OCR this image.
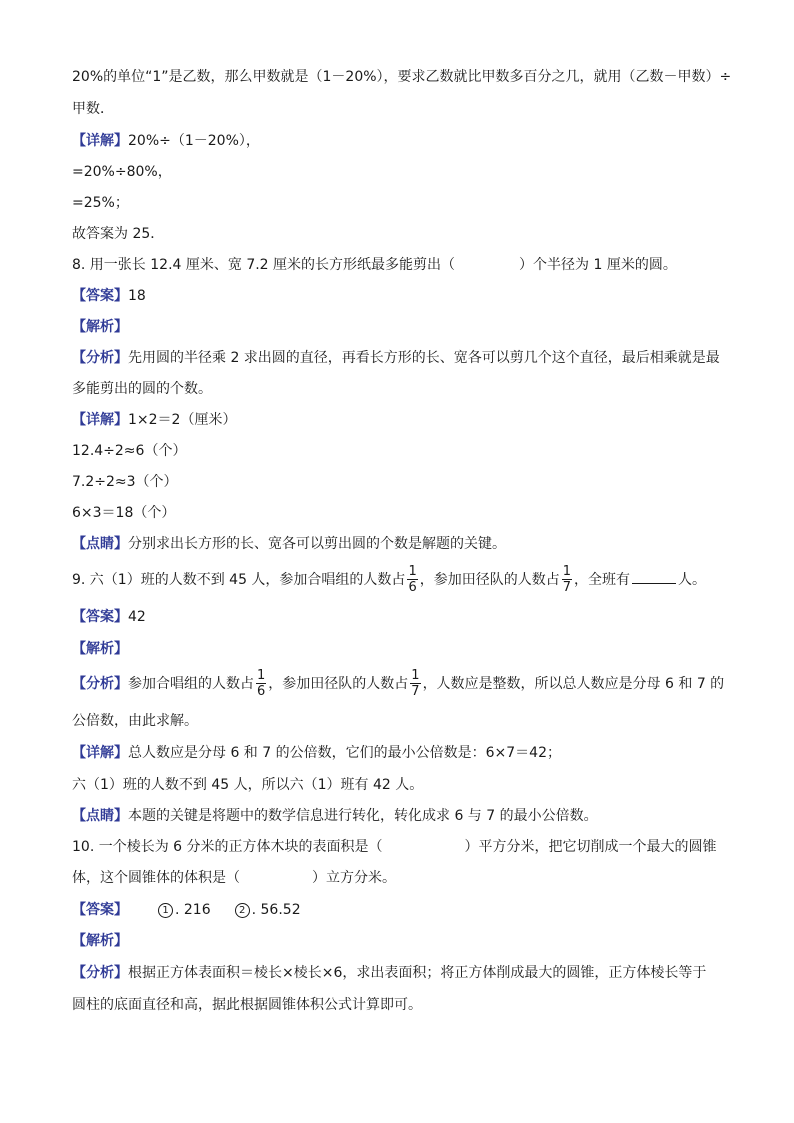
20%的单位“1”是乙数，那么甲数就是（1－20%），要求乙数就比甲数多百分之几，就用（乙数－甲数）÷
甲数．
【详解】20%÷（1－20%），
=20%÷80%，
=25%；
故答案为 25．
8. 用一张长 12.4 厘米、宽 7.2 厘米的长方形纸最多能剪出（	）个半径为 1 厘米的圆。
【答案】18
【解析】
【分析】先用圆的半径乘 2 求出圆的直径，再看长方形的长、宽各可以剪几个这个直径，最后相乘就是最
多能剪出的圆的个数。
【详解】1×2＝2（厘米）
12.4÷2≈6（个）
7.2÷2≈3（个）
6×3＝18（个）
【点睛】分别求出长方形的长、宽各可以剪出圆的个数是解题的关键。
9. 六（1）班的人数不到 45 人，参加合唱组的人数占 $\frac{1}{6}$ ，参加田径队的人数占 $\frac{1}{7}$ ，全班有	人。
【答案】42
【解析】
【分析】参加合唱组的人数占 $\frac{1}{6}$ ，参加田径队的人数占 $\frac{1}{7}$ ，人数应是整数，所以总人数应是分母 6 和 7 的
公倍数，由此求解。
【详解】总人数应是分母 6 和 7 的公倍数，它们的最小公倍数是：6×7＝42；
六（1）班的人数不到 45 人，所以六（1）班有 42 人。
【点睛】本题的关键是将题中的数学信息进行转化，转化成求 6 与 7 的最小公倍数。
10. 一个棱长为 6 分米的正方体木块的表面积是（	）平方分米，把它切削成一个最大的圆锥
体，这个圆锥体的体积是（	）立方分米。
【答案】	1 . 216	2 . 56.52
【解析】
【分析】根据正方体表面积＝棱长×棱长×6，求出表面积；将正方体削成最大的圆锥，正方体棱长等于
圆柱的底面直径和高，据此根据圆锥体积公式计算即可。
